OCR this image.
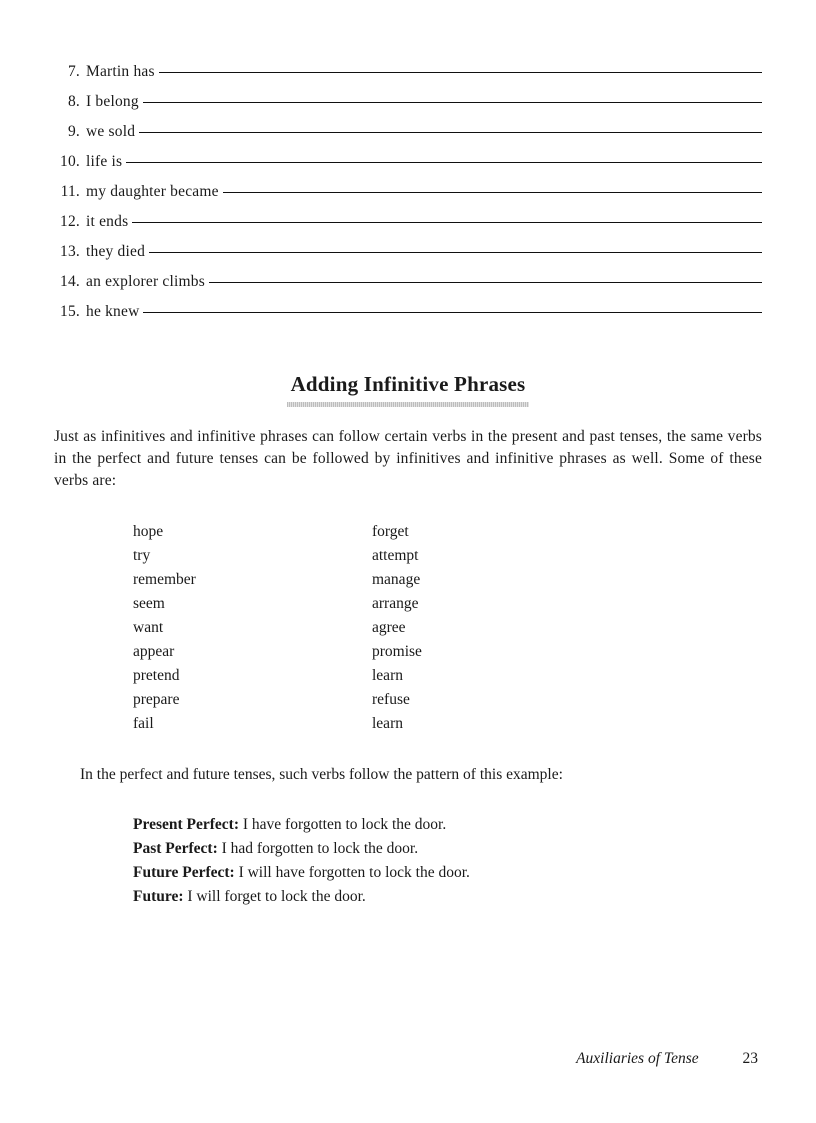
7. Martin has
8. I belong
9. we sold
10. life is
11. my daughter became
12. it ends
13. they died
14. an explorer climbs
15. he knew
Adding Infinitive Phrases
Just as infinitives and infinitive phrases can follow certain verbs in the present and past tenses, the same verbs in the perfect and future tenses can be followed by infinitives and infinitive phrases as well. Some of these verbs are:
hope	forget
try	attempt
remember	manage
seem	arrange
want	agree
appear	promise
pretend	learn
prepare	refuse
fail	learn
In the perfect and future tenses, such verbs follow the pattern of this example:
Present Perfect: I have forgotten to lock the door.
Past Perfect: I had forgotten to lock the door.
Future Perfect: I will have forgotten to lock the door.
Future: I will forget to lock the door.
Auxiliaries of Tense	23
